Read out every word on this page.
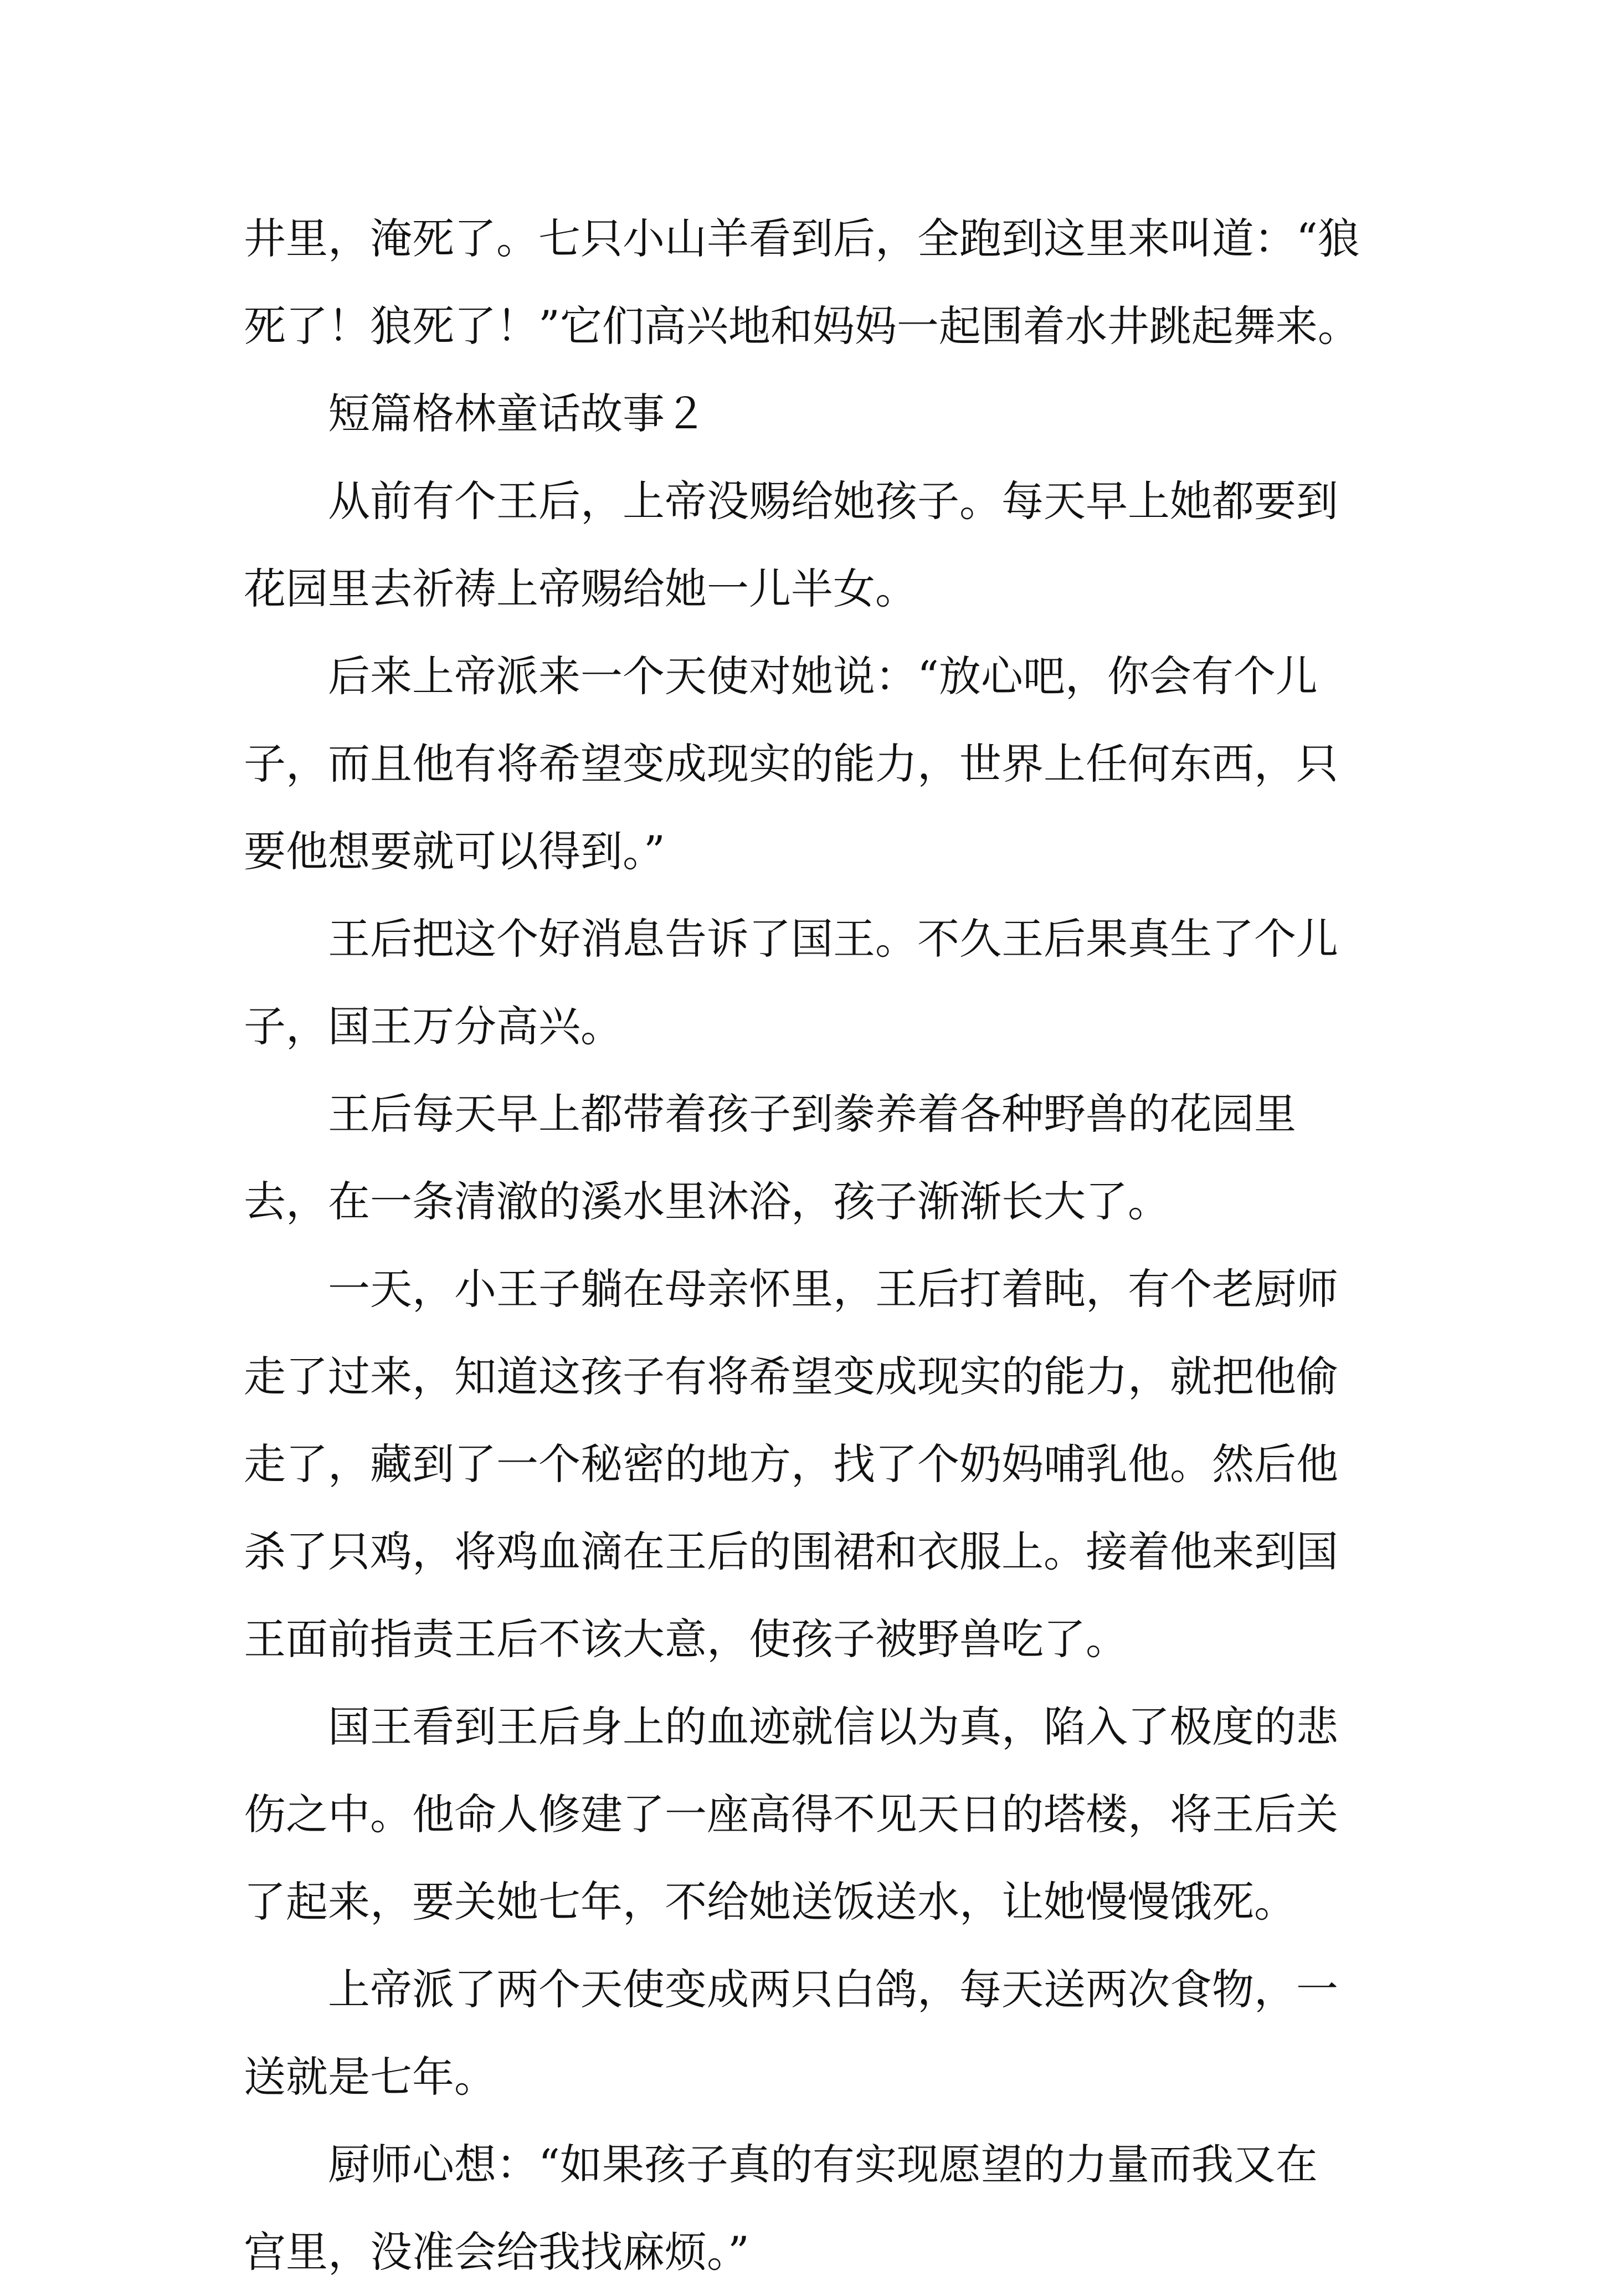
井里，淹死了。七只小山羊看到后，全跑到这里来叫道：“狼 死了！狼死了！”它们高兴地和妈妈一起围着水井跳起舞来。 短篇格林童话故事２ 从前有个王后，上帝没赐给她孩子。每天早上她都要到 花园里去祈祷上帝赐给她一儿半女。 后来上帝派来一个天使对她说：“放心吧，你会有个儿 子，而且他有将希望变成现实的能力，世界上任何东西，只 要他想要就可以得到。” 王后把这个好消息告诉了国王。不久王后果真生了个儿 子，国王万分高兴。 王后每天早上都带着孩子到豢养着各种野兽的花园里 去，在一条清澈的溪水里沐浴，孩子渐渐长大了。 一天，小王子躺在母亲怀里，王后打着盹，有个老厨师 走了过来，知道这孩子有将希望变成现实的能力，就把他偷 走了，藏到了一个秘密的地方，找了个奶妈哺乳他。然后他 杀了只鸡，将鸡血滴在王后的围裙和衣服上。接着他来到国 王面前指责王后不该大意，使孩子被野兽吃了。 国王看到王后身上的血迹就信以为真，陷入了极度的悲 伤之中。他命人修建了一座高得不见天日的塔楼，将王后关 了起来，要关她七年，不给她送饭送水，让她慢慢饿死。 上帝派了两个天使变成两只白鸽，每天送两次食物，一 送就是七年。 厨师心想：“如果孩子真的有实现愿望的力量而我又在 宫里，没准会给我找麻烦。”
